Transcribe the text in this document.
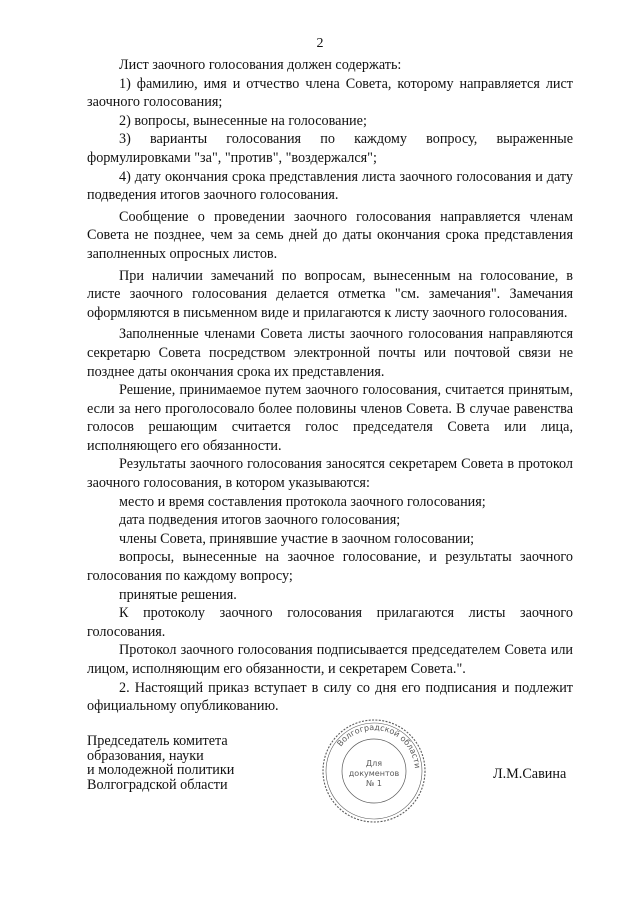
2

Лист заочного голосования должен содержать:

1) фамилию, имя и отчество члена Совета, которому направляется лист заочного голосования;

2) вопросы, вынесенные на голосование;

3) варианты голосования по каждому вопросу, выраженные формулировками "за", "против", "воздержался";

4) дату окончания срока представления листа заочного голосования и дату подведения итогов заочного голосования.

Сообщение о проведении заочного голосования направляется членам Совета не позднее, чем за семь дней до даты окончания срока представления заполненных опросных листов.

При наличии замечаний по вопросам, вынесенным на голосование, в листе заочного голосования делается отметка "см. замечания". Замечания оформляются в письменном виде и прилагаются к листу заочного голосования.

Заполненные членами Совета листы заочного голосования направляются секретарю Совета посредством электронной почты или почтовой связи не позднее даты окончания срока их представления.

Решение, принимаемое путем заочного голосования, считается принятым, если за него проголосовало более половины членов Совета. В случае равенства голосов решающим считается голос председателя Совета или лица, исполняющего его обязанности.

Результаты заочного голосования заносятся секретарем Совета в протокол заочного голосования, в котором указываются:

место и время составления протокола заочного голосования;

дата подведения итогов заочного голосования;

члены Совета, принявшие участие в заочном голосовании;

вопросы, вынесенные на заочное голосование, и результаты заочного голосования по каждому вопросу;

принятые решения.

К протоколу заочного голосования прилагаются листы заочного голосования.

Протокол заочного голосования подписывается председателем Совета или лицом, исполняющим его обязанности, и секретарем Совета.".

2. Настоящий приказ вступает в силу со дня его подписания и подлежит официальному опубликованию.

Председатель комитета
образования, науки
и молодежной политики
Волгоградской области
Волгоградской области
Для
документов
№ 1
Л.М.Савина
